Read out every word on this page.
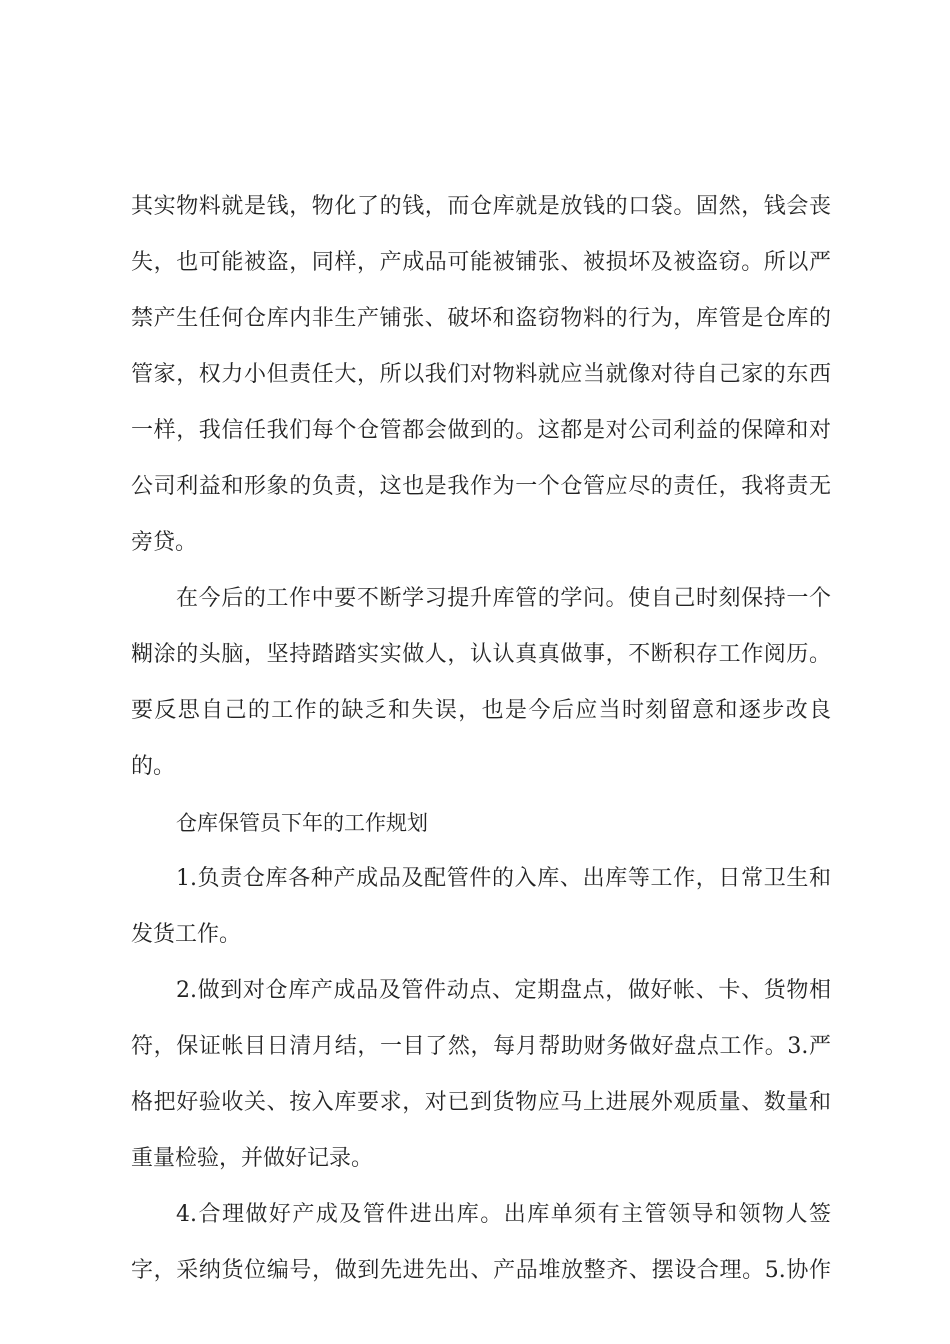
其实物料就是钱，物化了的钱，而仓库就是放钱的口袋。固然，钱会丧
失，也可能被盗，同样，产成品可能被铺张、被损坏及被盗窃。所以严
禁产生任何仓库内非生产铺张、破坏和盗窃物料的行为，库管是仓库的
管家，权力小但责任大，所以我们对物料就应当就像对待自己家的东西
一样，我信任我们每个仓管都会做到的。这都是对公司利益的保障和对
公司利益和形象的负责，这也是我作为一个仓管应尽的责任，我将责无
旁贷。
在今后的工作中要不断学习提升库管的学问。使自己时刻保持一个
糊涂的头脑，坚持踏踏实实做人，认认真真做事，不断积存工作阅历。
要反思自己的工作的缺乏和失误，也是今后应当时刻留意和逐步改良
的。
仓库保管员下年的工作规划
1.负责仓库各种产成品及配管件的入库、出库等工作，日常卫生和
发货工作。
2.做到对仓库产成品及管件动点、定期盘点，做好帐、卡、货物相
符，保证帐目日清月结，一目了然，每月帮助财务做好盘点工作。3.严
格把好验收关、按入库要求，对已到货物应马上进展外观质量、数量和
重量检验，并做好记录。
4.合理做好产成及管件进出库。出库单须有主管领导和领物人签
字，采纳货位编号，做到先进先出、产品堆放整齐、摆设合理。5.协作
